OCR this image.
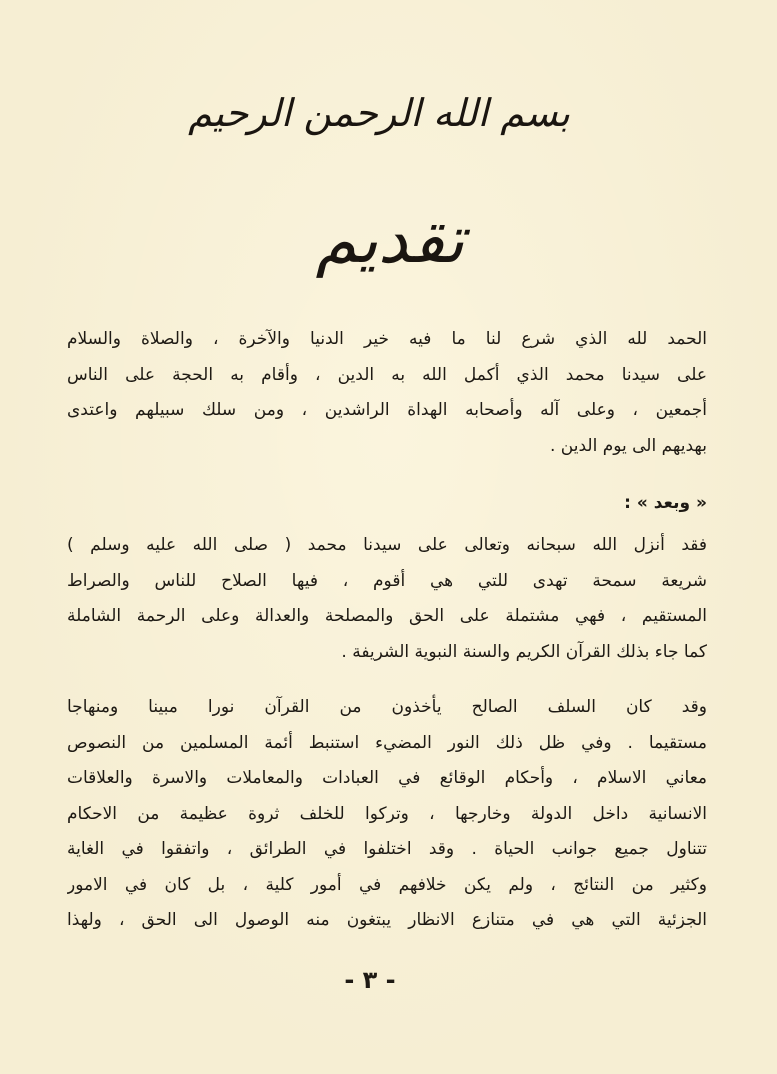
بسم الله الرحمن الرحيم
تقديم
الحمد لله الذي شرع لنا ما فيه خير الدنيا والآخرة ، والصلاة والسلام
على سيدنا محمد الذي أكمل الله به الدين ، وأقام به الحجة على الناس
أجمعين ، وعلى آله وأصحابه الهداة الراشدين ، ومن سلك سبيلهم واعتدى
بهديهم الى يوم الدين .
« وبعد » :
فقد أنزل الله سبحانه وتعالى على سيدنا محمد ( صلى الله عليه وسلم )
شريعة سمحة تهدى للتي هي أقوم ، فيها الصلاح للناس والصراط
المستقيم ، فهي مشتملة على الحق والمصلحة والعدالة وعلى الرحمة الشاملة
كما جاء بذلك القرآن الكريم والسنة النبوية الشريفة .
وقد كان السلف الصالح يأخذون من القرآن نورا مبينا ومنهاجا
مستقيما . وفي ظل ذلك النور المضيء استنبط أئمة المسلمين من النصوص
معاني الاسلام ، وأحكام الوقائع في العبادات والمعاملات والاسرة والعلاقات
الانسانية داخل الدولة وخارجها ، وتركوا للخلف ثروة عظيمة من الاحكام
تتناول جميع جوانب الحياة . وقد اختلفوا في الطرائق ، واتفقوا في الغاية
وكثير من النتائج ، ولم يكن خلافهم في أمور كلية ، بل كان في الامور
الجزئية التي هي في متنازع الانظار يبتغون منه الوصول الى الحق ، ولهذا
- ٣ -
